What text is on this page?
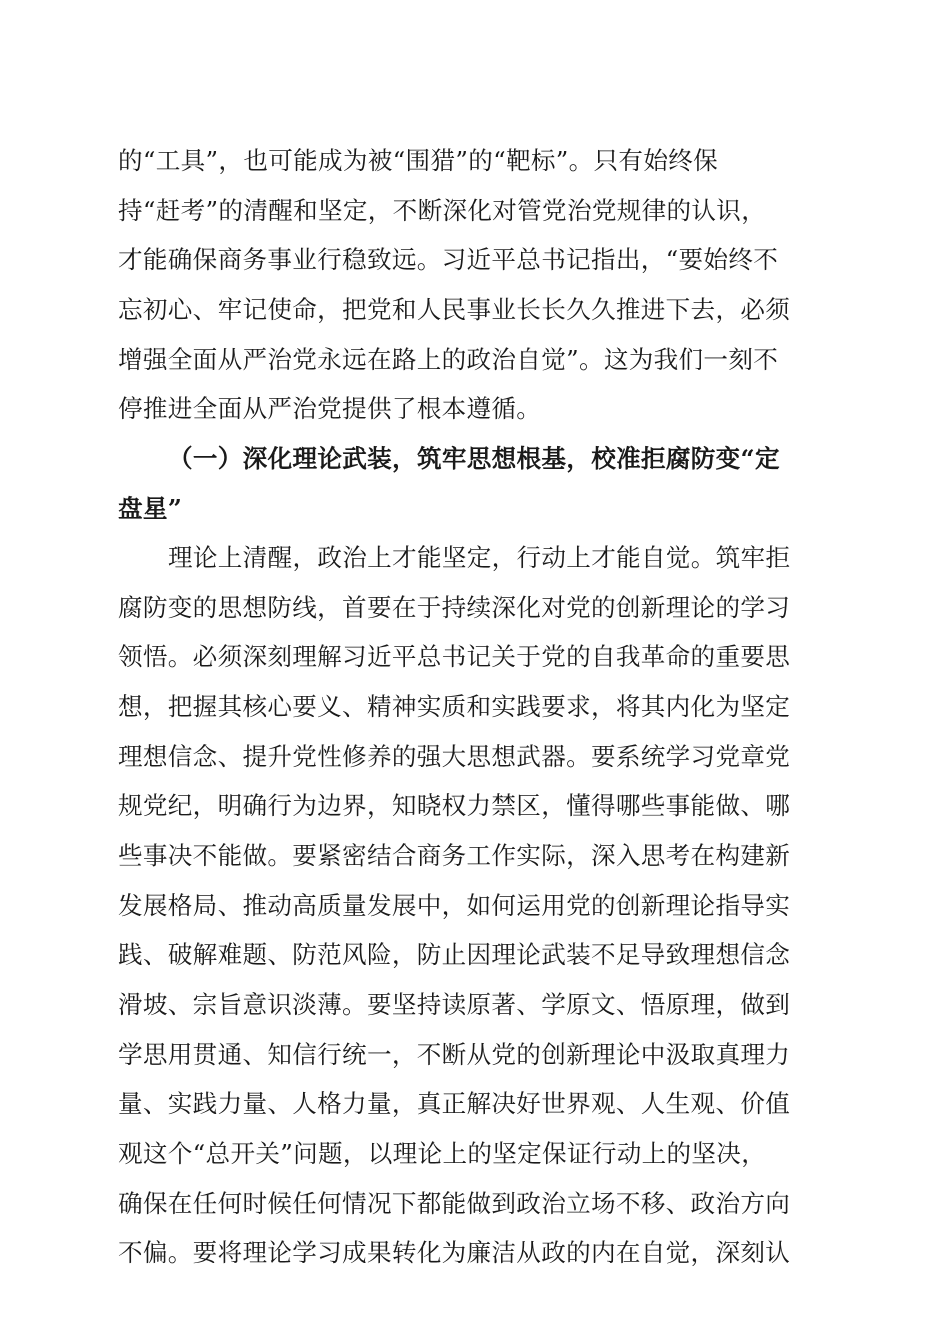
的“工具”，也可能成为被“围猎”的“靶标”。只有始终保
持“赶考”的清醒和坚定，不断深化对管党治党规律的认识，
才能确保商务事业行稳致远。习近平总书记指出，“要始终不
忘初心、牢记使命，把党和人民事业长长久久推进下去，必须
增强全面从严治党永远在路上的政治自觉”。这为我们一刻不
停推进全面从严治党提供了根本遵循。
（一）深化理论武装，筑牢思想根基，校准拒腐防变“定
盘星”
理论上清醒，政治上才能坚定，行动上才能自觉。筑牢拒
腐防变的思想防线，首要在于持续深化对党的创新理论的学习
领悟。必须深刻理解习近平总书记关于党的自我革命的重要思
想，把握其核心要义、精神实质和实践要求，将其内化为坚定
理想信念、提升党性修养的强大思想武器。要系统学习党章党
规党纪，明确行为边界，知晓权力禁区，懂得哪些事能做、哪
些事决不能做。要紧密结合商务工作实际，深入思考在构建新
发展格局、推动高质量发展中，如何运用党的创新理论指导实
践、破解难题、防范风险，防止因理论武装不足导致理想信念
滑坡、宗旨意识淡薄。要坚持读原著、学原文、悟原理，做到
学思用贯通、知信行统一，不断从党的创新理论中汲取真理力
量、实践力量、人格力量，真正解决好世界观、人生观、价值
观这个“总开关”问题，以理论上的坚定保证行动上的坚决，
确保在任何时候任何情况下都能做到政治立场不移、政治方向
不偏。要将理论学习成果转化为廉洁从政的内在自觉，深刻认
